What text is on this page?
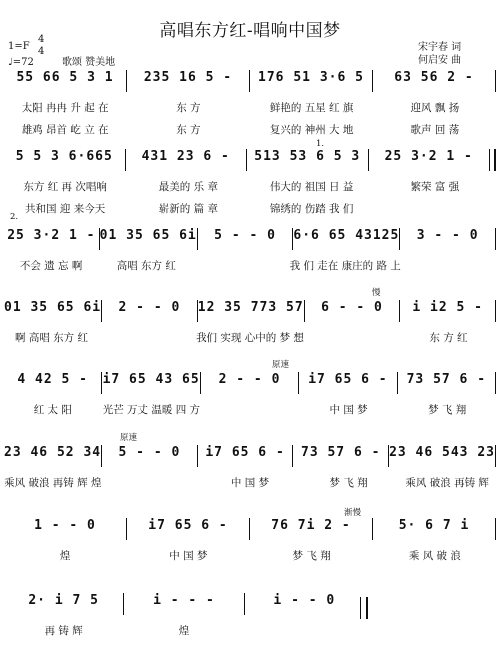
高唱东方红-唱响中国梦
宋宇春 词
何启安 曲
1=F
4
4
♩=72	歌颂 赞美地
55 66 5 3 1	235 16 5 -	176 51 3·6 5	63 56 2 -
太阳 冉冉 升 起 在	东 方	鲜艳的 五星 红 旗	迎风 飘 扬
雄鸡 昂首 屹 立 在	东 方	复兴的 神州 大 地	歌声 回 荡
5 5 3 6·665	431 23 6 -	513 53 6 5 3	25 3·2 1 -
东方 红 再 次唱响	最美的 乐 章	伟大的 祖国 日 益	繁荣 富 强
共和国 迎 来今天	崭新的 篇 章	锦绣的 伤踏 我 们
1.
25 3·2 1 - 01 35 65 6i	5 - - 0	6·6 65 43125	3 - - 0
不会 遗 忘 啊	高唱 东方 红	我 们 走在 康庄的 路 上
2.
01 35 65 6i	2 - - 0	12 35 773 57	6 - - 0	i i2 5 -
啊 高唱 东方 红	我们 实现 心中的 梦 想	东 方 红
慢
4 42 5 -	i7 65 43 65	2 - - 0	i7 65 6 -	73 57 6 -
红 太 阳	光芒 万丈 温暖 四 方	中 国 梦	梦 飞 翔
原速
23 46 52 34	5 - - 0	i7 65 6 -	73 57 6 - 23 46 543 23
乘风 破浪 再铸 辉 煌	中 国 梦	梦 飞 翔	乘风 破浪 再铸 辉
原速
1 - - 0	i7 65 6 -	76 7i 2 -	5· 6 7 i
煌	中 国 梦	梦 飞 翔	乘 风 破 浪
渐慢
2· i 7 5	i - - -	i - - 0
再 铸 辉	煌
